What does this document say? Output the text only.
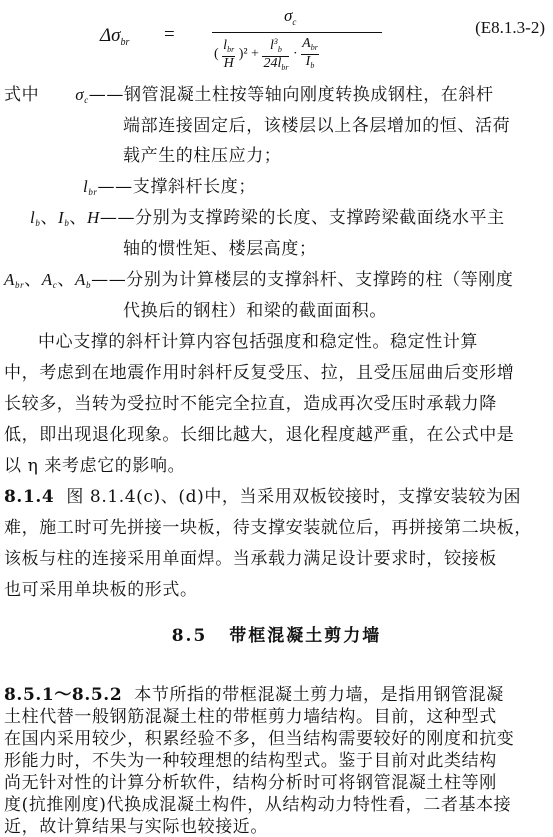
$\Delta\sigma_{br}$ =
$\sigma_c$
( $\frac{l_{br}}{H} )^2 + \frac{l^3_b}{24l_{br}} \cdot \frac{A_{br}}{I_b}$
(E8.1.3-2)
式中 $\sigma_c——$钢管混凝土柱按等轴向刚度转换成钢柱，在斜杆
端部连接固定后，该楼层以上各层增加的恒、活荷
载产生的柱压应力；
$l_{br}——$支撑斜杆长度；
$l_b$、$I_b$、H——分别为支撑跨梁的长度、支撑跨梁截面绕水平主
轴的惯性矩、楼层高度；
$A_{br}$、$A_c$、$A_b——$分别为计算楼层的支撑斜杆、支撑跨的柱（等刚度
代换后的钢柱）和梁的截面面积。
中心支撑的斜杆计算内容包括强度和稳定性。稳定性计算
中，考虑到在地震作用时斜杆反复受压、拉，且受压屈曲后变形增
长较多，当转为受拉时不能完全拉直，造成再次受压时承载力降
低，即出现退化现象。长细比越大，退化程度越严重，在公式中是
以 η 来考虑它的影响。
8.1.4 图 8.1.4(c)、(d)中，当采用双板铰接时，支撑安装较为困
难，施工时可先拼接一块板，待支撑安装就位后，再拼接第二块板，
该板与柱的连接采用单面焊。当承载力满足设计要求时，铰接板
也可采用单块板的形式。
8.5 带框混凝土剪力墙
8.5.1～8.5.2 本节所指的带框混凝土剪力墙，是指用钢管混凝
土柱代替一般钢筋混凝土柱的带框剪力墙结构。目前，这种型式
在国内采用较少，积累经验不多，但当结构需要较好的刚度和抗变
形能力时，不失为一种较理想的结构型式。鉴于目前对此类结构
尚无针对性的计算分析软件，结构分析时可将钢管混凝土柱等刚
度(抗推刚度)代换成混凝土构件，从结构动力特性看，二者基本接
近，故计算结果与实际也较接近。
